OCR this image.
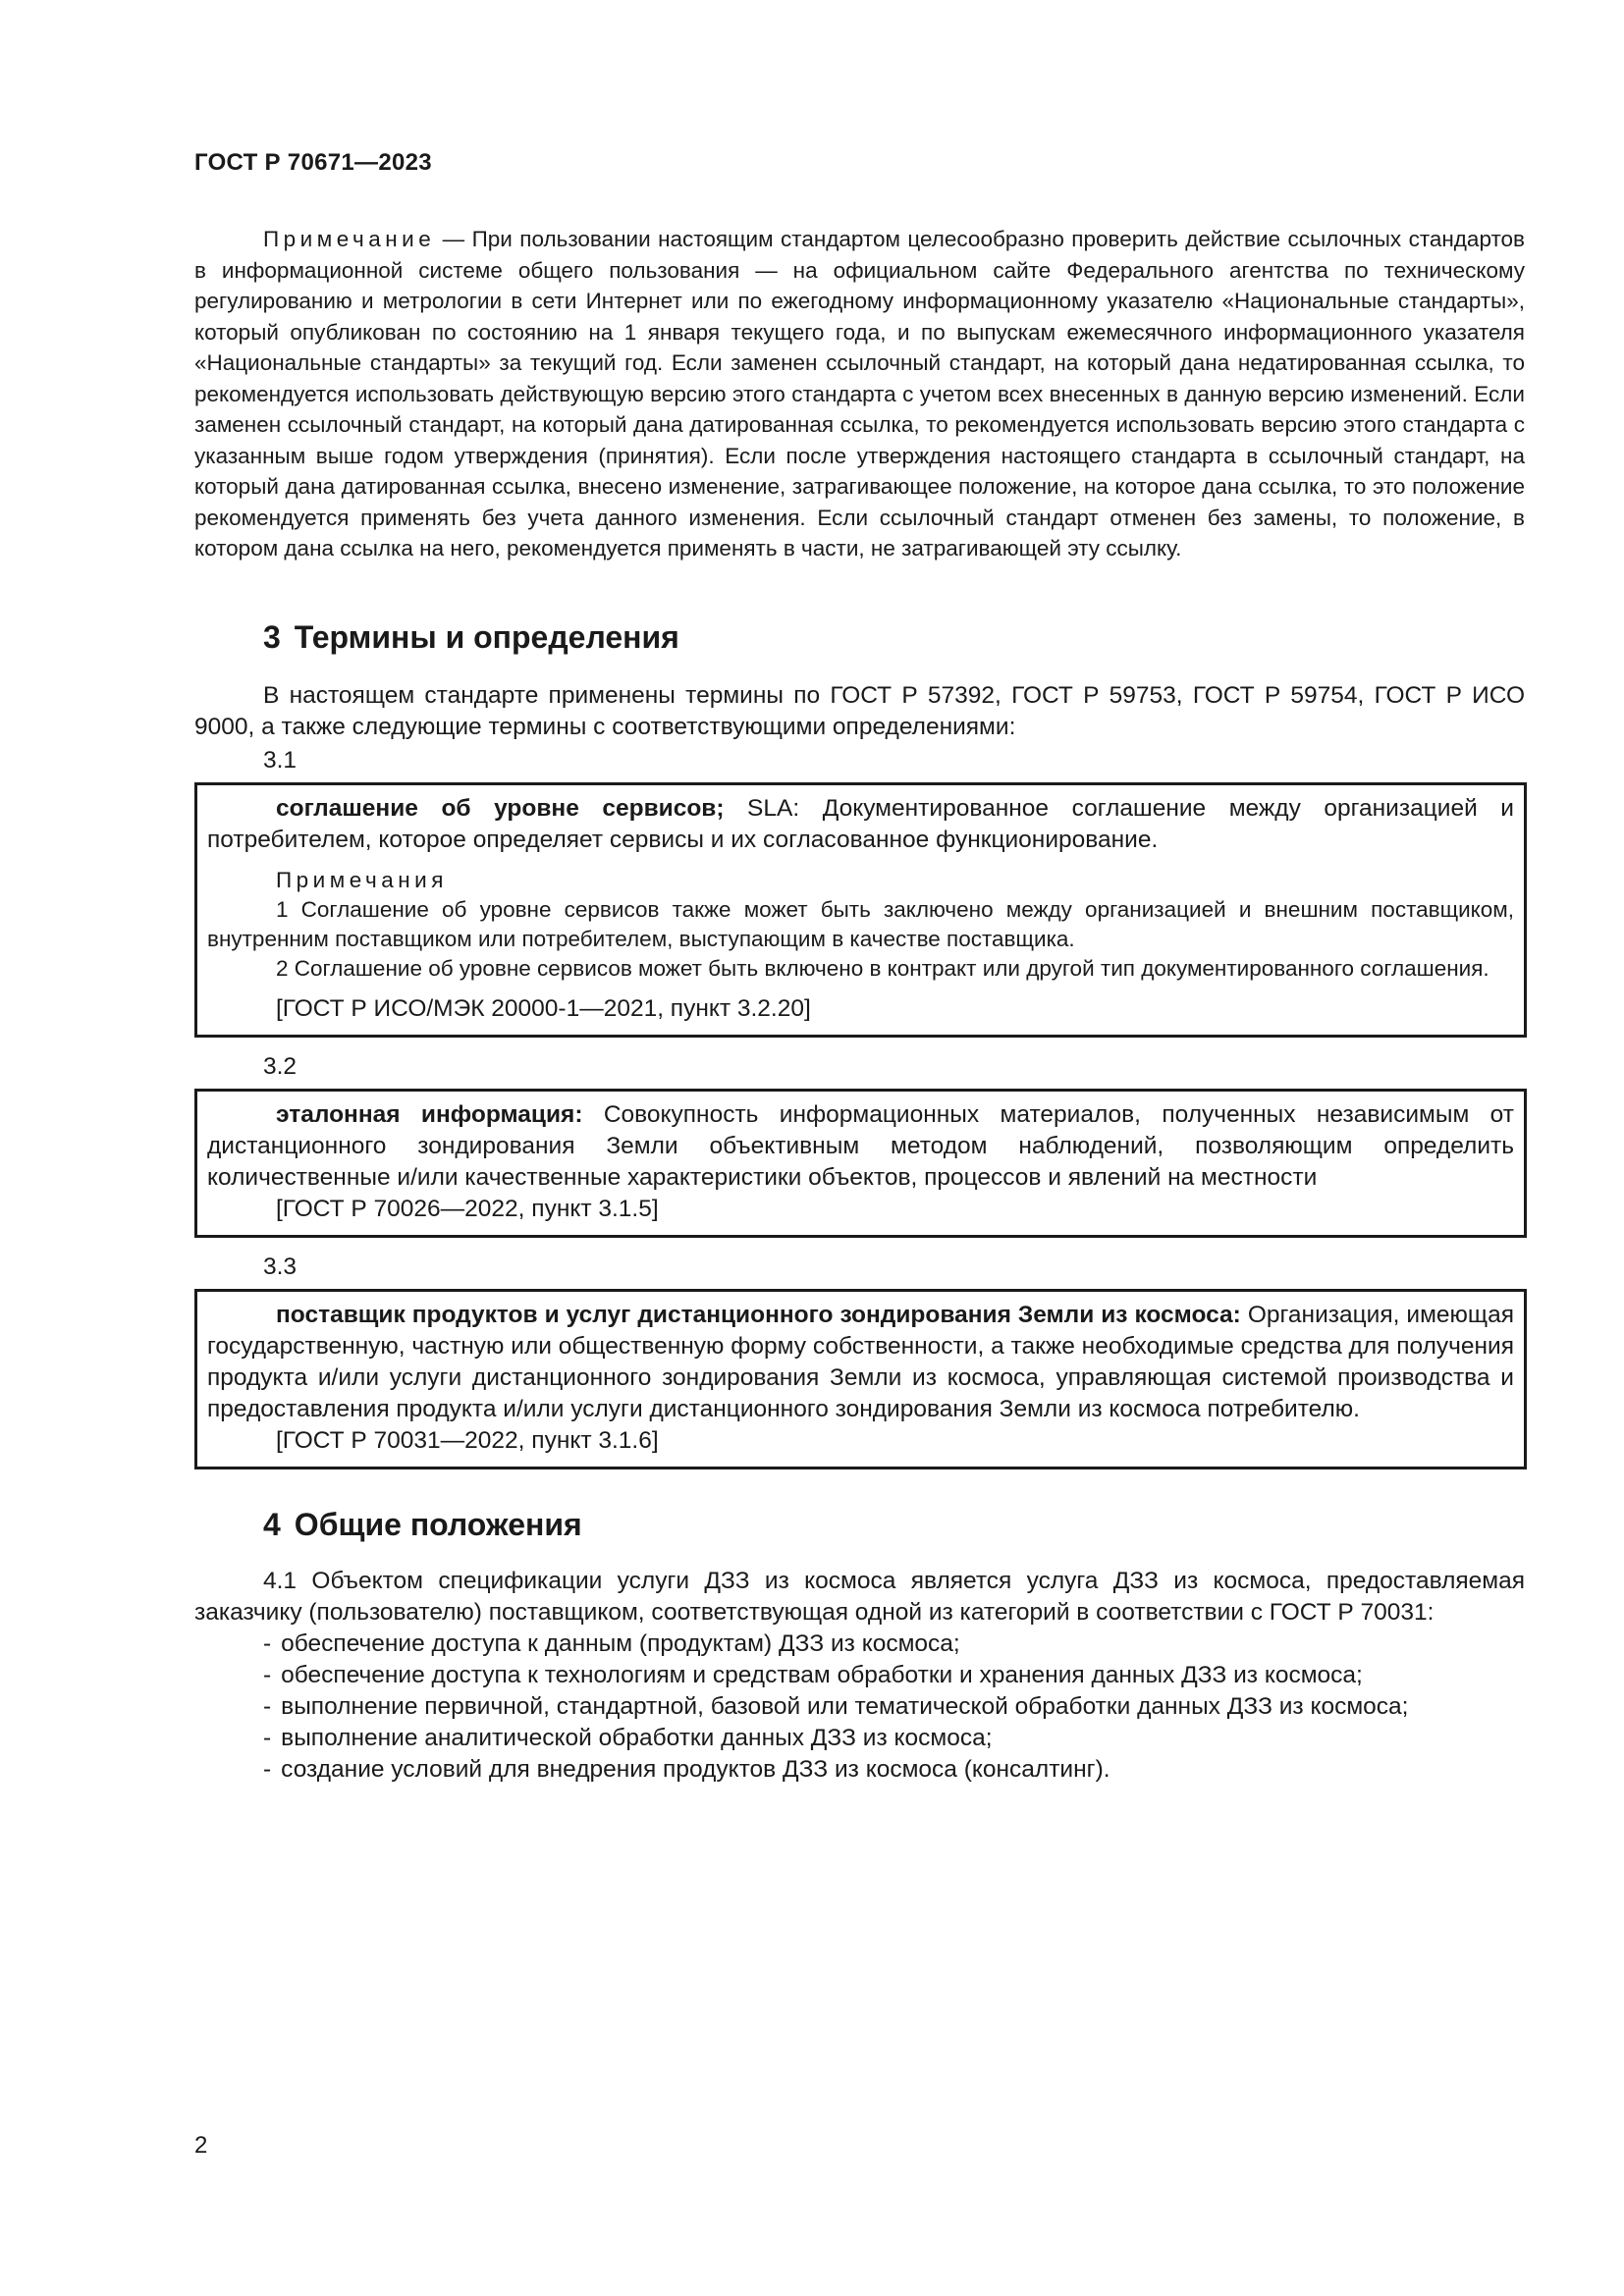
ГОСТ Р 70671—2023

Примечание — При пользовании настоящим стандартом целесообразно проверить действие ссылочных стандартов в информационной системе общего пользования — на официальном сайте Федерального агентства по техническому регулированию и метрологии в сети Интернет или по ежегодному информационному указателю «Национальные стандарты», который опубликован по состоянию на 1 января текущего года, и по выпускам ежемесячного информационного указателя «Национальные стандарты» за текущий год. Если заменен ссылочный стандарт, на который дана недатированная ссылка, то рекомендуется использовать действующую версию этого стандарта с учетом всех внесенных в данную версию изменений. Если заменен ссылочный стандарт, на который дана датированная ссылка, то рекомендуется использовать версию этого стандарта с указанным выше годом утверждения (принятия). Если после утверждения настоящего стандарта в ссылочный стандарт, на который дана датированная ссылка, внесено изменение, затрагивающее положение, на которое дана ссылка, то это положение рекомендуется применять без учета данного изменения. Если ссылочный стандарт отменен без замены, то положение, в котором дана ссылка на него, рекомендуется применять в части, не затрагивающей эту ссылку.

3 Термины и определения

В настоящем стандарте применены термины по ГОСТ Р 57392, ГОСТ Р 59753, ГОСТ Р 59754, ГОСТ Р ИСО 9000, а также следующие термины с соответствующими определениями:

3.1

соглашение об уровне сервисов; SLA: Документированное соглашение между организацией и потребителем, которое определяет сервисы и их согласованное функционирование.

Примечания

1 Соглашение об уровне сервисов также может быть заключено между организацией и внешним поставщиком, внутренним поставщиком или потребителем, выступающим в качестве поставщика.

2 Соглашение об уровне сервисов может быть включено в контракт или другой тип документированного соглашения.

[ГОСТ Р ИСО/МЭК 20000-1—2021, пункт 3.2.20]

3.2

эталонная информация: Совокупность информационных материалов, полученных независимым от дистанционного зондирования Земли объективным методом наблюдений, позволяющим определить количественные и/или качественные характеристики объектов, процессов и явлений на местности

[ГОСТ Р 70026—2022, пункт 3.1.5]

3.3

поставщик продуктов и услуг дистанционного зондирования Земли из космоса: Организация, имеющая государственную, частную или общественную форму собственности, а также необходимые средства для получения продукта и/или услуги дистанционного зондирования Земли из космоса, управляющая системой производства и предоставления продукта и/или услуги дистанционного зондирования Земли из космоса потребителю.

[ГОСТ Р 70031—2022, пункт 3.1.6]

4 Общие положения

4.1 Объектом спецификации услуги ДЗЗ из космоса является услуга ДЗЗ из космоса, предоставляемая заказчику (пользователю) поставщиком, соответствующая одной из категорий в соответствии с ГОСТ Р 70031:

- обеспечение доступа к данным (продуктам) ДЗЗ из космоса;

- обеспечение доступа к технологиям и средствам обработки и хранения данных ДЗЗ из космоса;

- выполнение первичной, стандартной, базовой или тематической обработки данных ДЗЗ из космоса;

- выполнение аналитической обработки данных ДЗЗ из космоса;

- создание условий для внедрения продуктов ДЗЗ из космоса (консалтинг).

2
